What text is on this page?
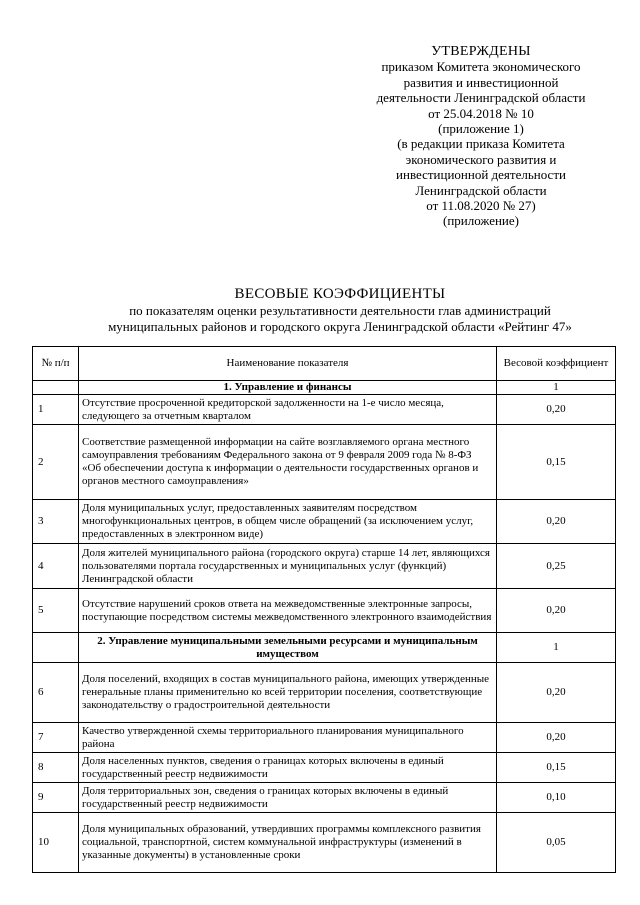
УТВЕРЖДЕНЫ
приказом Комитета экономического
развития и инвестиционной
деятельности Ленинградской области
от 25.04.2018 № 10
(приложение 1)
(в редакции приказа Комитета
экономического развития и
инвестиционной деятельности
Ленинградской области
от 11.08.2020 № 27)
(приложение)
ВЕСОВЫЕ КОЭФФИЦИЕНТЫ
по показателям оценки результативности деятельности глав администраций
муниципальных районов и городского округа Ленинградской области «Рейтинг 47»
№ п/п	Наименование показателя	Весовой коэффициент
	1. Управление и финансы	1
1	Отсутствие просроченной кредиторской задолженности на 1-е число месяца, следующего за отчетным кварталом	0,20
2	Соответствие размещенной информации на сайте возглавляемого органа местного самоуправления требованиям Федерального закона от 9 февраля 2009 года № 8-ФЗ «Об обеспечении доступа к информации о деятельности государственных органов и органов местного самоуправления»	0,15
3	Доля муниципальных услуг, предоставленных заявителям посредством многофункциональных центров, в общем числе обращений (за исключением услуг, предоставленных в электронном виде)	0,20
4	Доля жителей муниципального района (городского округа) старше 14 лет, являющихся пользователями портала государственных и муниципальных услуг (функций) Ленинградской области	0,25
5	Отсутствие нарушений сроков ответа на межведомственные электронные запросы, поступающие посредством системы межведомственного электронного взаимодействия	0,20
	2. Управление муниципальными земельными ресурсами и муниципальным имуществом	1
6	Доля поселений, входящих в состав муниципального района, имеющих утвержденные генеральные планы применительно ко всей территории поселения, соответствующие законодательству о градостроительной деятельности	0,20
7	Качество утвержденной схемы территориального планирования муниципального района	0,20
8	Доля населенных пунктов, сведения о границах которых включены в единый государственный реестр недвижимости	0,15
9	Доля территориальных зон, сведения о границах которых включены в единый государственный реестр недвижимости	0,10
10	Доля муниципальных образований, утвердивших программы комплексного развития социальной, транспортной, систем коммунальной инфраструктуры (изменений в указанные документы) в установленные сроки	0,05
